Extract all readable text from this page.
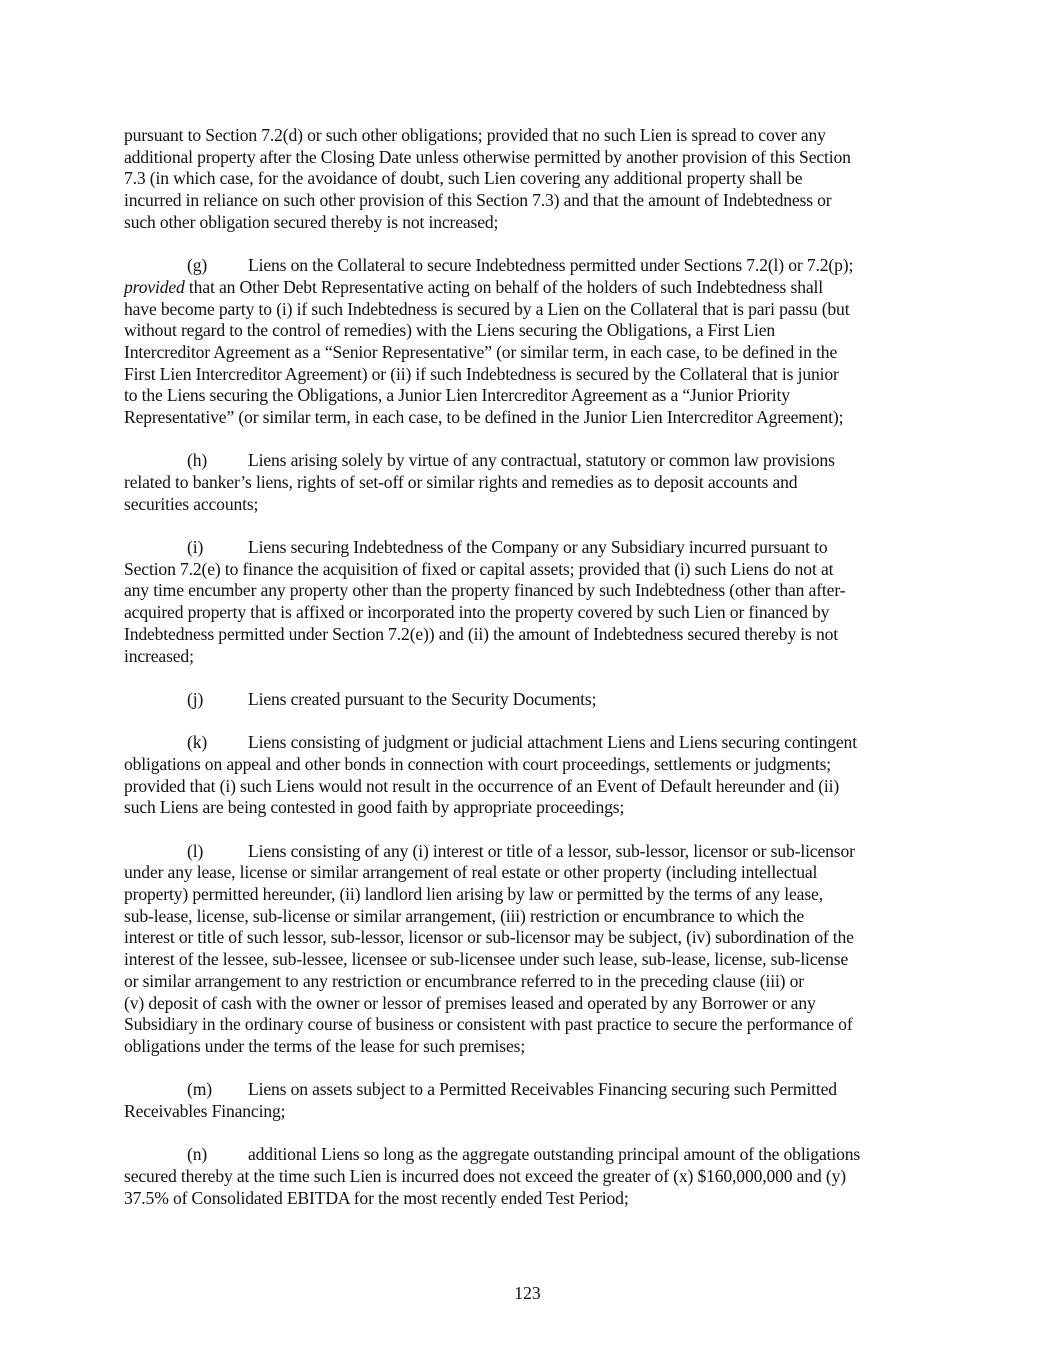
pursuant to Section 7.2(d) or such other obligations; provided that no such Lien is spread to cover any
additional property after the Closing Date unless otherwise permitted by another provision of this Section
7.3 (in which case, for the avoidance of doubt, such Lien covering any additional property shall be
incurred in reliance on such other provision of this Section 7.3) and that the amount of Indebtedness or
such other obligation secured thereby is not increased;
(g) Liens on the Collateral to secure Indebtedness permitted under Sections 7.2(l) or 7.2(p);
provided that an Other Debt Representative acting on behalf of the holders of such Indebtedness shall
have become party to (i) if such Indebtedness is secured by a Lien on the Collateral that is pari passu (but
without regard to the control of remedies) with the Liens securing the Obligations, a First Lien
Intercreditor Agreement as a “Senior Representative” (or similar term, in each case, to be defined in the
First Lien Intercreditor Agreement) or (ii) if such Indebtedness is secured by the Collateral that is junior
to the Liens securing the Obligations, a Junior Lien Intercreditor Agreement as a “Junior Priority
Representative” (or similar term, in each case, to be defined in the Junior Lien Intercreditor Agreement);
(h) Liens arising solely by virtue of any contractual, statutory or common law provisions
related to banker’s liens, rights of set-off or similar rights and remedies as to deposit accounts and
securities accounts;
(i)	Liens securing Indebtedness of the Company or any Subsidiary incurred pursuant to
Section 7.2(e) to finance the acquisition of fixed or capital assets; provided that (i) such Liens do not at
any time encumber any property other than the property financed by such Indebtedness (other than after-
acquired property that is affixed or incorporated into the property covered by such Lien or financed by
Indebtedness permitted under Section 7.2(e)) and (ii) the amount of Indebtedness secured thereby is not
increased;
(j)	Liens created pursuant to the Security Documents;
(k) Liens consisting of judgment or judicial attachment Liens and Liens securing contingent
obligations on appeal and other bonds in connection with court proceedings, settlements or judgments;
provided that (i) such Liens would not result in the occurrence of an Event of Default hereunder and (ii)
such Liens are being contested in good faith by appropriate proceedings;
(l)	Liens consisting of any (i) interest or title of a lessor, sub-lessor, licensor or sub-licensor
under any lease, license or similar arrangement of real estate or other property (including intellectual
property) permitted hereunder, (ii) landlord lien arising by law or permitted by the terms of any lease,
sub-lease, license, sub-license or similar arrangement, (iii) restriction or encumbrance to which the
interest or title of such lessor, sub-lessor, licensor or sub-licensor may be subject, (iv) subordination of the
interest of the lessee, sub-lessee, licensee or sub-licensee under such lease, sub-lease, license, sub-license
or similar arrangement to any restriction or encumbrance referred to in the preceding clause (iii) or
(v) deposit of cash with the owner or lessor of premises leased and operated by any Borrower or any
Subsidiary in the ordinary course of business or consistent with past practice to secure the performance of
obligations under the terms of the lease for such premises;
(m) Liens on assets subject to a Permitted Receivables Financing securing such Permitted
Receivables Financing;
(n) additional Liens so long as the aggregate outstanding principal amount of the obligations
secured thereby at the time such Lien is incurred does not exceed the greater of (x) $160,000,000 and (y)
37.5% of Consolidated EBITDA for the most recently ended Test Period;
123
